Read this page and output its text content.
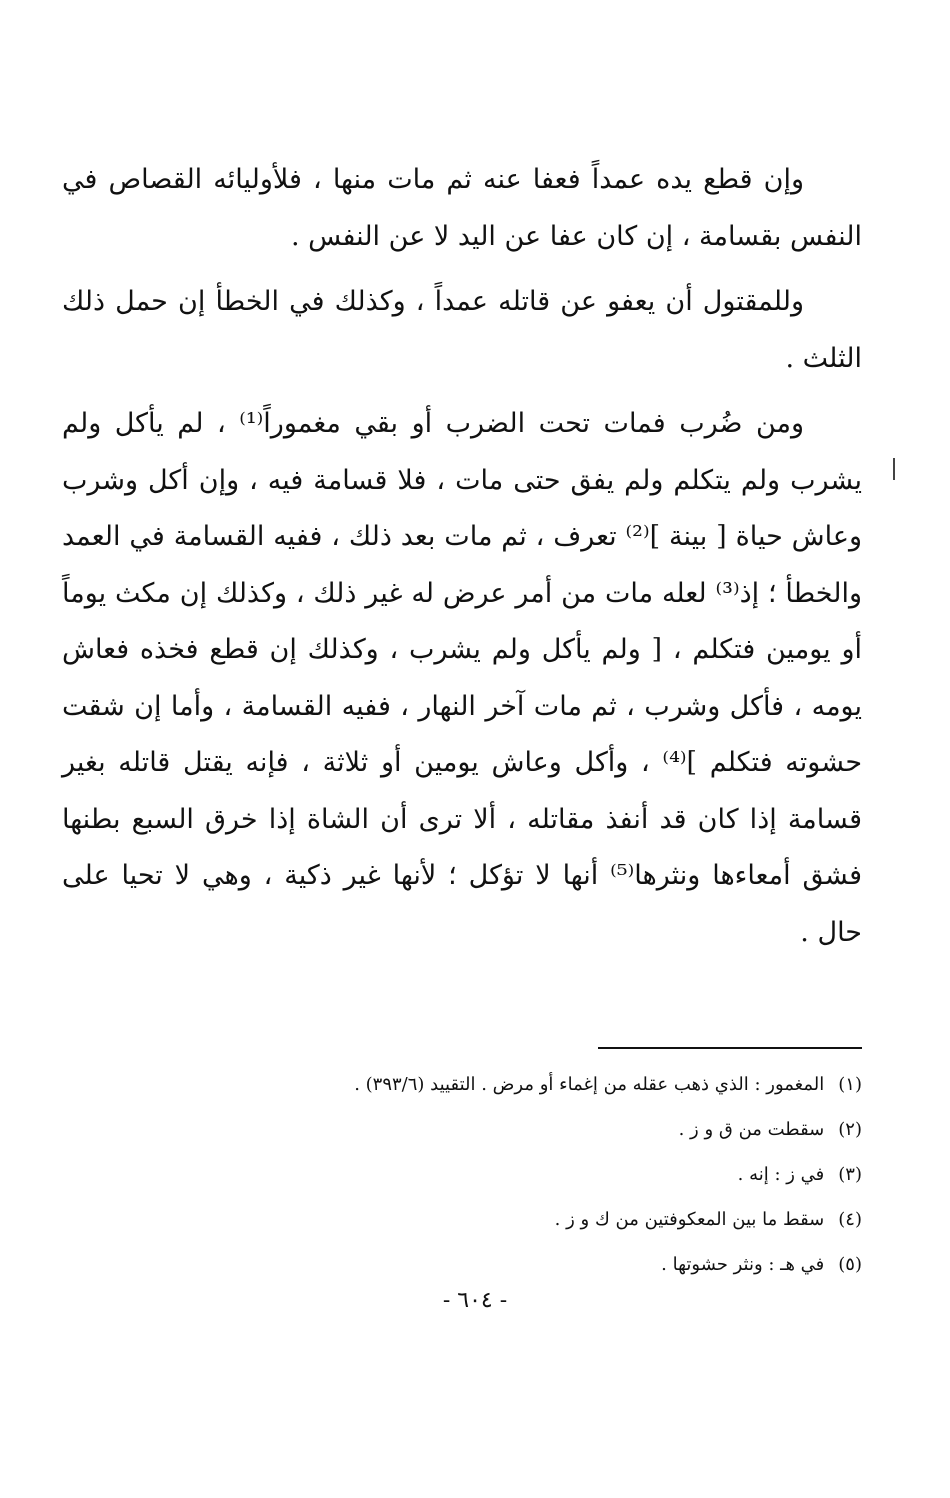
وإن قطع يده عمداً فعفا عنه ثم مات منها ، فلأوليائه القصاص في النفس بقسامة ، إن كان عفا عن اليد لا عن النفس .

وللمقتول أن يعفو عن قاتله عمداً ، وكذلك في الخطأ إن حمل ذلك الثلث .

ومن ضُرب فمات تحت الضرب أو بقي مغموراً⁽¹⁾ ، لم يأكل ولم يشرب ولم يتكلم ولم يفق حتى مات ، فلا قسامة فيه ، وإن أكل وشرب وعاش حياة [ بينة ]⁽²⁾ تعرف ، ثم مات بعد ذلك ، ففيه القسامة في العمد والخطأ ؛ إذ⁽³⁾ لعله مات من أمر عرض له غير ذلك ، وكذلك إن مكث يوماً أو يومين فتكلم ، [ ولم يأكل ولم يشرب ، وكذلك إن قطع فخذه فعاش يومه ، فأكل وشرب ، ثم مات آخر النهار ، ففيه القسامة ، وأما إن شقت حشوته فتكلم ]⁽⁴⁾ ، وأكل وعاش يومين أو ثلاثة ، فإنه يقتل قاتله بغير قسامة إذا كان قد أنفذ مقاتله ، ألا ترى أن الشاة إذا خرق السبع بطنها فشق أمعاءها ونثرها⁽⁵⁾ أنها لا تؤكل ؛ لأنها غير ذكية ، وهي لا تحيا على حال .

(١)
المغمور : الذي ذهب عقله من إغماء أو مرض . التقييد (٣٩٣/٦) .
(٢)
سقطت من ق و ز .
(٣)
في ز : إنه .
(٤)
سقط ما بين المعكوفتين من ك و ز .
(٥)
في هـ : ونثر حشوتها .
- ٦٠٤ -
